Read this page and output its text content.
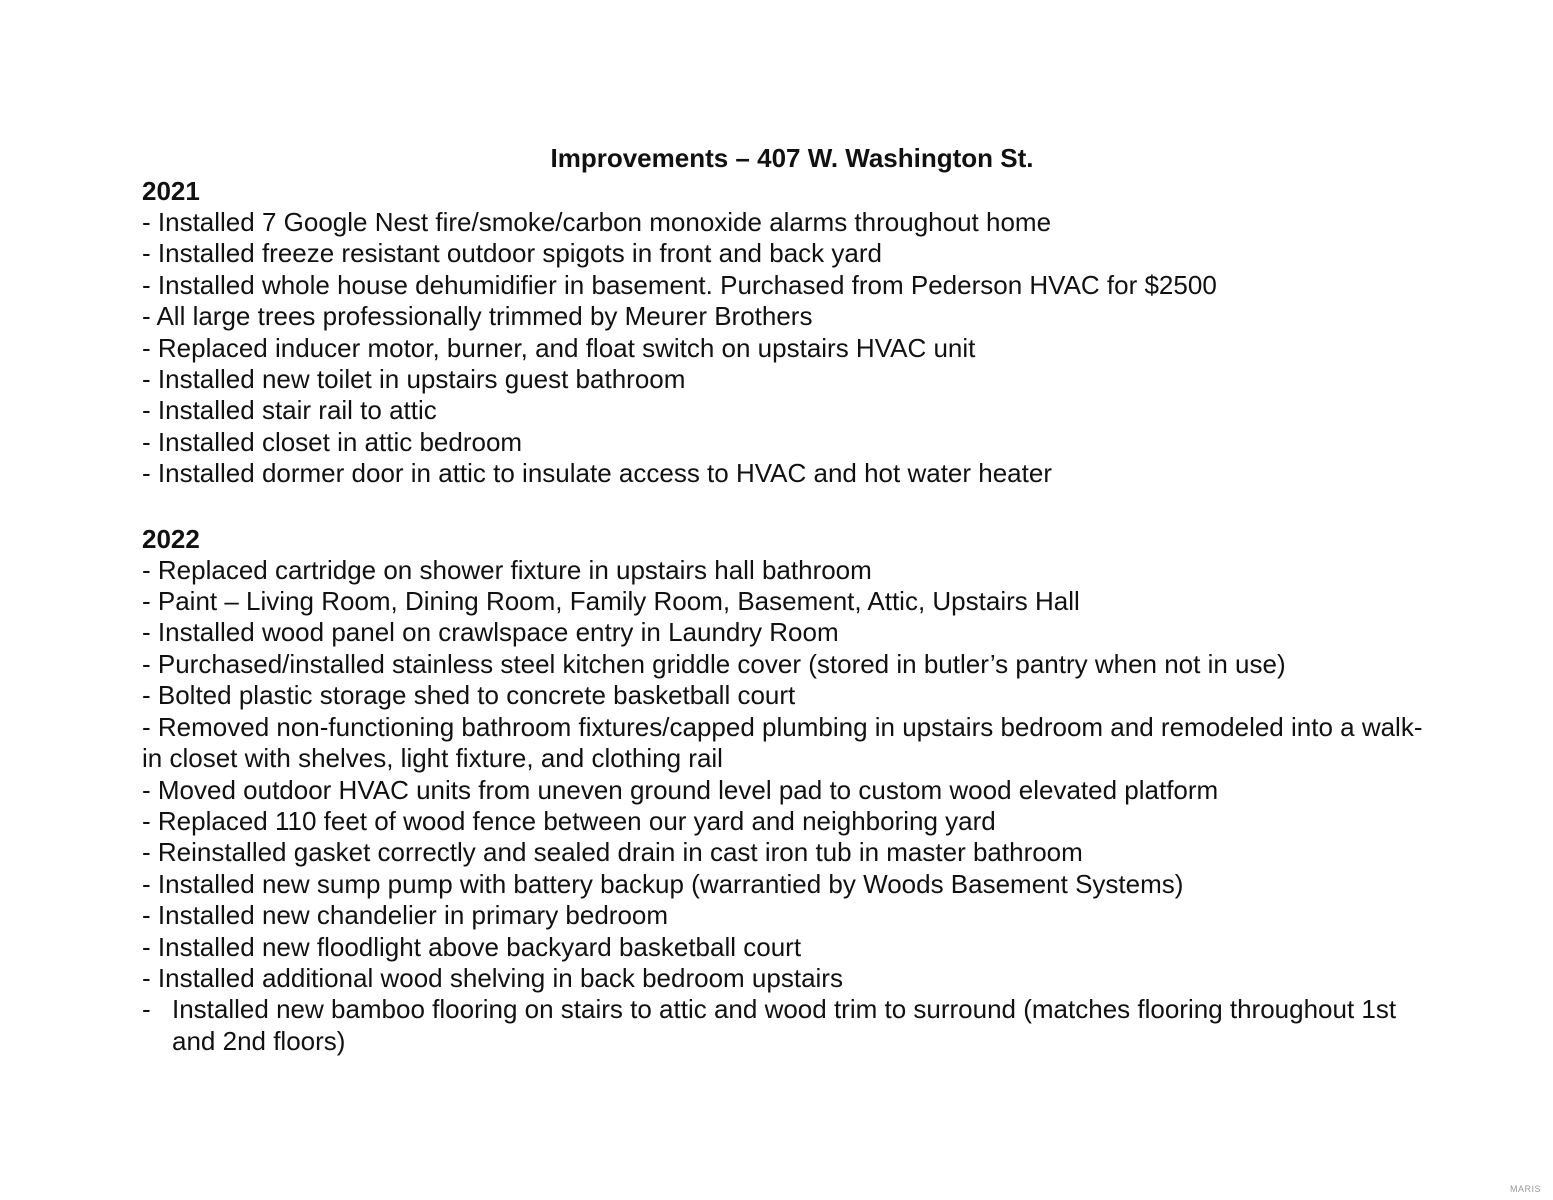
Improvements – 407 W. Washington St.
2021
- Installed 7 Google Nest fire/smoke/carbon monoxide alarms throughout home
- Installed freeze resistant outdoor spigots in front and back yard
- Installed whole house dehumidifier in basement. Purchased from Pederson HVAC for $2500
- All large trees professionally trimmed by Meurer Brothers
- Replaced inducer motor, burner, and float switch on upstairs HVAC unit
- Installed new toilet in upstairs guest bathroom
- Installed stair rail to attic
- Installed closet in attic bedroom
- Installed dormer door in attic to insulate access to HVAC and hot water heater
2022
- Replaced cartridge on shower fixture in upstairs hall bathroom
- Paint – Living Room, Dining Room, Family Room, Basement, Attic, Upstairs Hall
- Installed wood panel on crawlspace entry in Laundry Room
- Purchased/installed stainless steel kitchen griddle cover (stored in butler’s pantry when not in use)
- Bolted plastic storage shed to concrete basketball court
- Removed non-functioning bathroom fixtures/capped plumbing in upstairs bedroom and remodeled into a walk-in closet with shelves, light fixture, and clothing rail
- Moved outdoor HVAC units from uneven ground level pad to custom wood elevated platform
- Replaced 110 feet of wood fence between our yard and neighboring yard
- Reinstalled gasket correctly and sealed drain in cast iron tub in master bathroom
- Installed new sump pump with battery backup (warrantied by Woods Basement Systems)
- Installed new chandelier in primary bedroom
- Installed new floodlight above backyard basketball court
- Installed additional wood shelving in back bedroom upstairs
- Installed new bamboo flooring on stairs to attic and wood trim to surround (matches flooring throughout 1st and 2nd floors)
MARIS
